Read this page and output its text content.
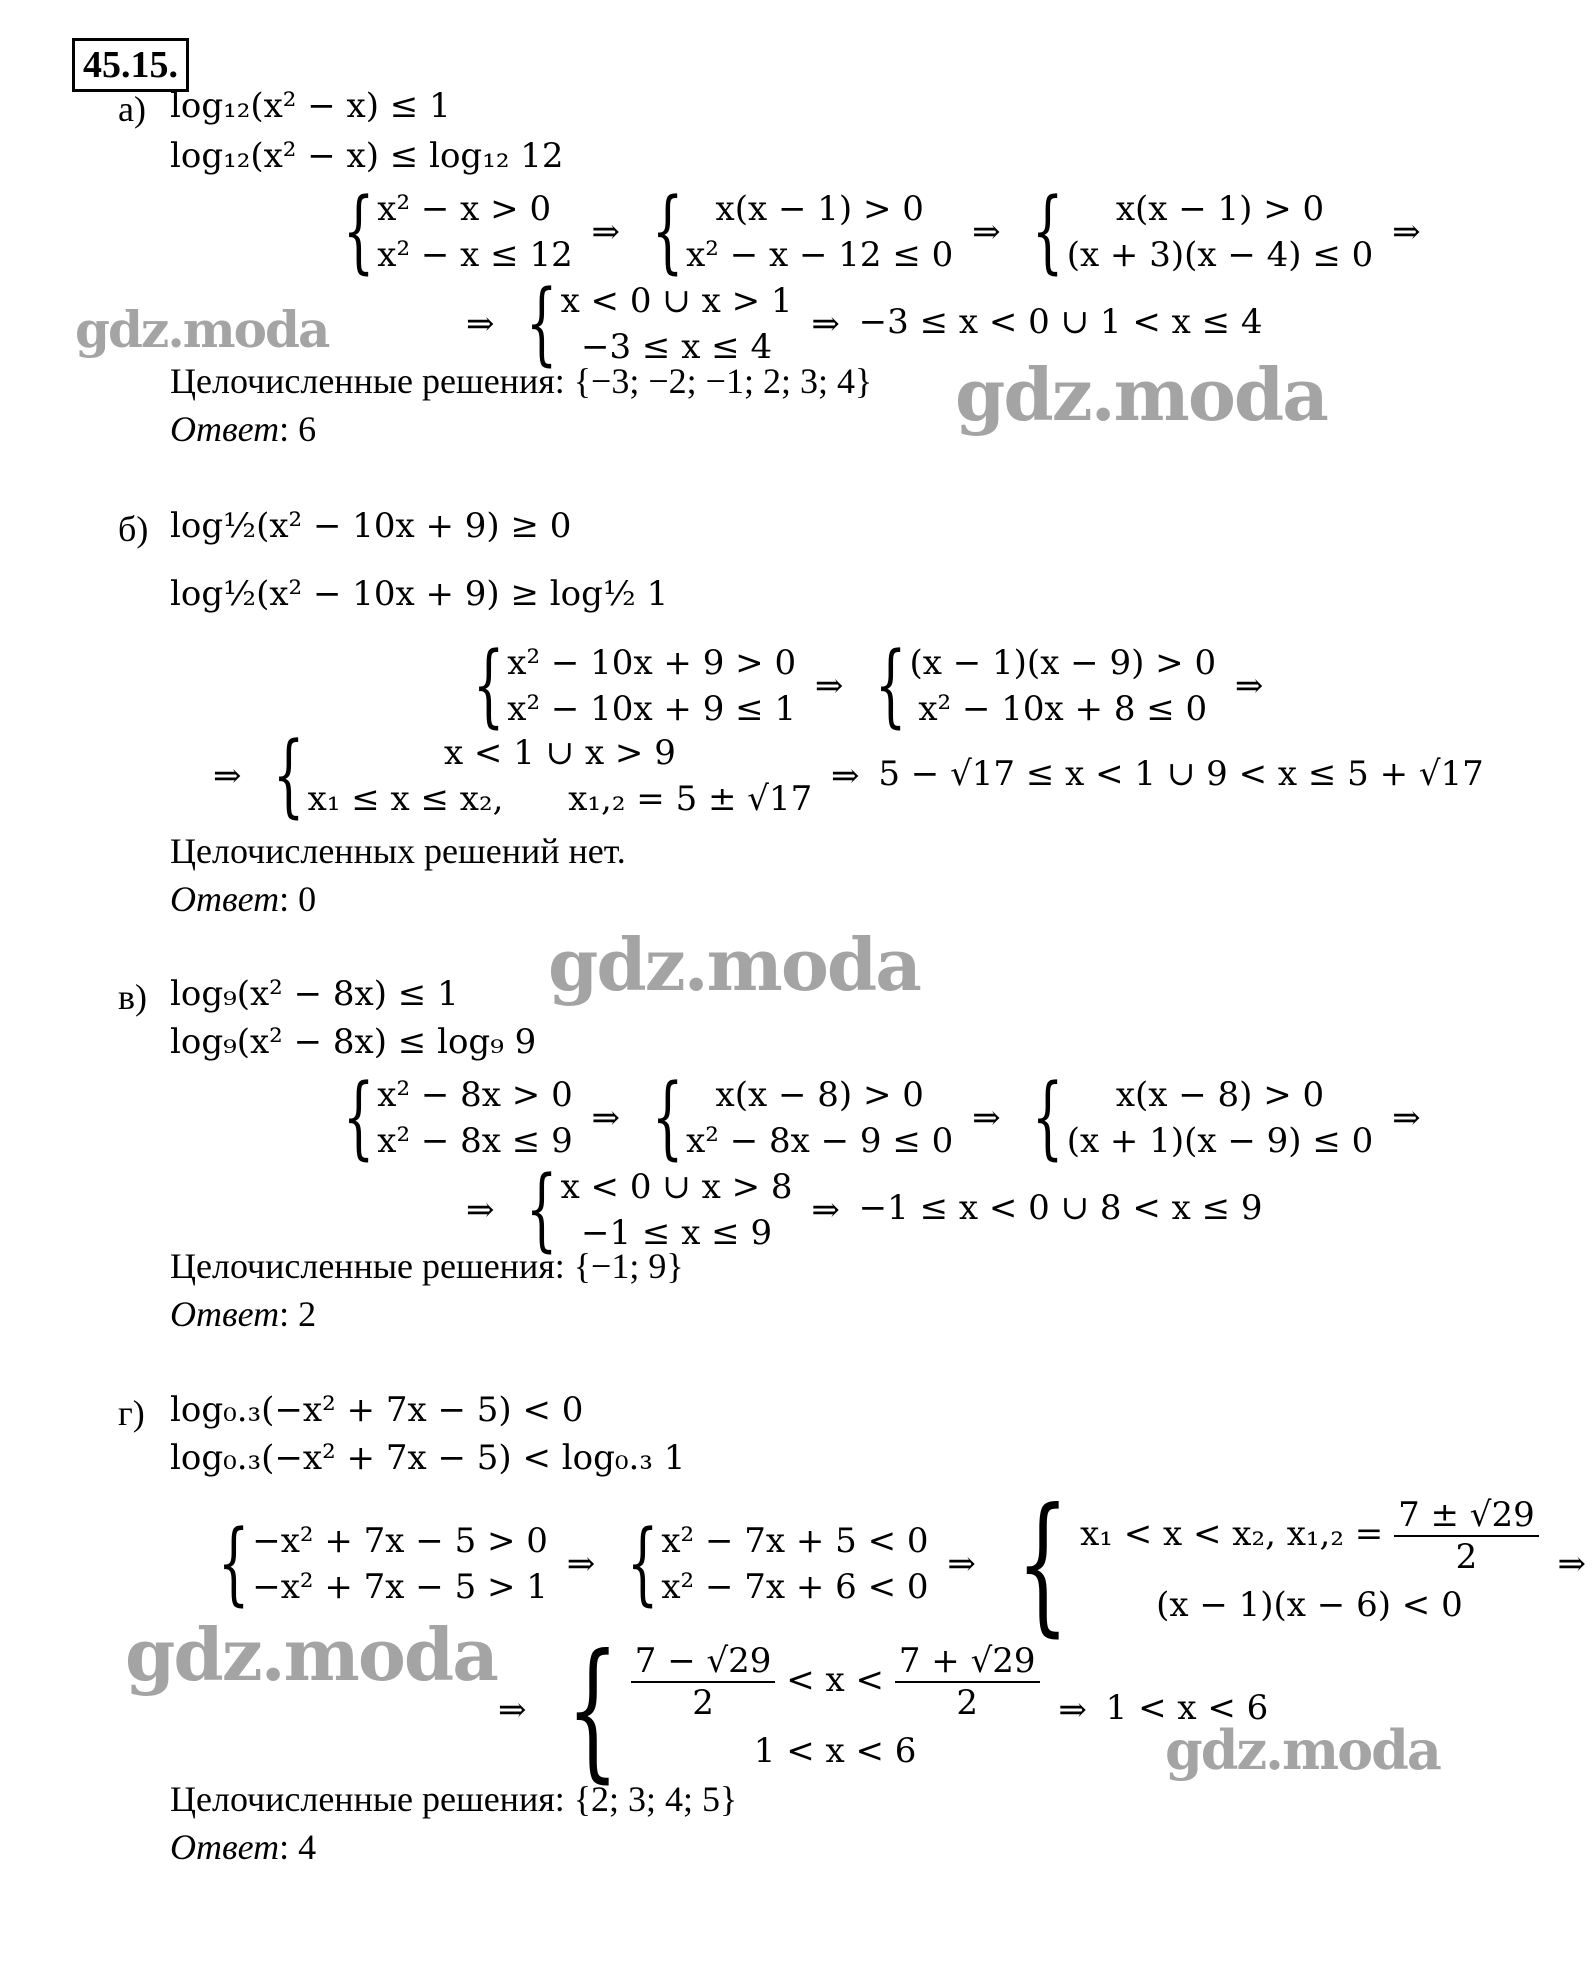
45.15.
а) log₁₂(x² − x) ≤ 1
log₁₂(x² − x) ≤ log₁₂ 12
{ x² − x > 0
x² − x ≤ 12
⇒ { x(x − 1) > 0
x² − x − 12 ≤ 0
⇒ { x(x − 1) > 0
(x + 3)(x − 4) ≤ 0
⇒
⇒ { x < 0 ∪ x > 1
−3 ≤ x ≤ 4
⇒ −3 ≤ x < 0 ∪ 1 < x ≤ 4
Целочисленные решения: {−3; −2; −1; 2; 3; 4}
Ответ: 6
б) log½(x² − 10x + 9) ≥ 0
log½(x² − 10x + 9) ≥ log½ 1
{ x² − 10x + 9 > 0
x² − 10x + 9 ≤ 1
⇒ { (x − 1)(x − 9) > 0
x² − 10x + 8 ≤ 0
⇒
⇒ {	x < 1 ∪ x > 9
x₁ ≤ x ≤ x₂,      x₁,₂ = 5 ± √17
⇒ 5 − √17 ≤ x < 1 ∪ 9 < x ≤ 5 + √17
Целочисленных решений нет.
Ответ: 0
в) log₉(x² − 8x) ≤ 1
log₉(x² − 8x) ≤ log₉ 9
{ x² − 8x > 0
x² − 8x ≤ 9
⇒ { x(x − 8) > 0
x² − 8x − 9 ≤ 0
⇒ { x(x − 8) > 0
(x + 1)(x − 9) ≤ 0
⇒
⇒ { x < 0 ∪ x > 8
−1 ≤ x ≤ 9
⇒ −1 ≤ x < 0 ∪ 8 < x ≤ 9
Целочисленные решения: {−1; 9}
Ответ: 2
г) log₀.₃(−x² + 7x − 5) < 0
log₀.₃(−x² + 7x − 5) < log₀.₃ 1
{ −x² + 7x − 5 > 0
−x² + 7x − 5 > 1
⇒ { x² − 7x + 5 < 0
x² − 7x + 6 < 0
⇒ { x₁ < x < x₂, $x_1,_2 = \frac{7 \pm √29}{2}$
(x − 1)(x − 6) < 0
⇒
⇒ { $\frac{7 - √29}{2} < x < \frac{7 + √29}{2}$
1 < x < 6
⇒ 1 < x < 6
Целочисленные решения: {2; 3; 4; 5}
Ответ: 4
gdz.moda
gdz.moda
gdz.moda
gdz.moda
gdz.moda
